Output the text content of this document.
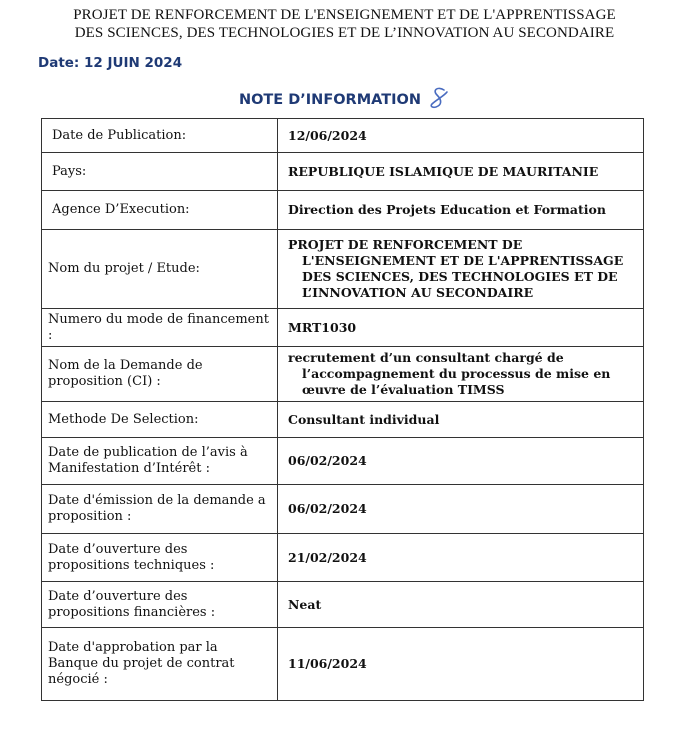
PROJET DE RENFORCEMENT DE L'ENSEIGNEMENT ET DE L'APPRENTISSAGE
DES SCIENCES, DES TECHNOLOGIES ET DE L’INNOVATION AU SECONDAIRE
Date: 12 JUIN 2024
NOTE D’INFORMATION
Date de Publication:	12/06/2024
Pays:	REPUBLIQUE ISLAMIQUE DE MAURITANIE
Agence D’Execution:	Direction des Projets Education et Formation
Nom du projet / Etude:	PROJET DE RENFORCEMENT DE L'ENSEIGNEMENT ET DE L'APPRENTISSAGE DES SCIENCES, DES TECHNOLOGIES ET DE L’INNOVATION AU SECONDAIRE
Numero du mode de financement :	MRT1030
Nom de la Demande de proposition (CI) :	recrutement d’un consultant chargé de l’accompagnement du processus de mise en œuvre de l’évaluation TIMSS
Methode De Selection:	Consultant individual
Date de publication de l’avis à Manifestation d’Intérêt :	06/02/2024
Date d'émission de la demande a proposition :	06/02/2024
Date d’ouverture des propositions techniques :	21/02/2024
Date d’ouverture des propositions financières :	Neat
Date d'approbation par la Banque du projet de contrat négocié :	11/06/2024
